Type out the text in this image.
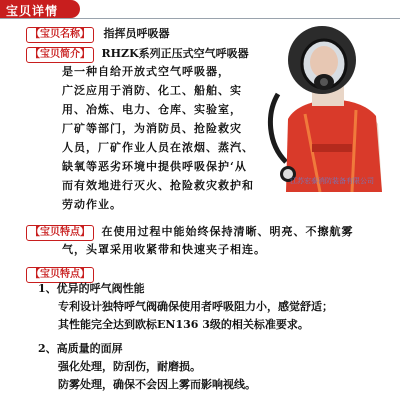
宝贝详情
【宝贝名称】 指挥员呼吸器
【宝贝简介】 RHZK系列正压式空气呼吸器
是一种自给开放式空气呼吸器，
广泛应用于消防、化工、船舶、实
用、冶炼、电力、仓库、实验室，
厂矿等部门，为消防员、抢险救灾
人员，厂矿作业人员在浓烟、蒸汽、
缺氧等恶劣环境中提供呼吸保护‘从
而有效地进行灭火、抢险救灾救护和
劳动作业。
江苏宏泰消防装备有限公司
【宝贝特点】 在使用过程中能始终保持清晰、明亮、不擦航雾
气，头罩采用收紧带和快速夹子相连。
【宝贝特点】
1、优异的呼气阀性能
专利设计独特呼气阀确保使用者呼吸阻力小，感觉舒适；
其性能完全达到欧标EN136 3级的相关标准要求。
2、高质量的面屏
强化处理，防刮伤，耐磨损。
防雾处理，确保不会因上雾而影响视线。
